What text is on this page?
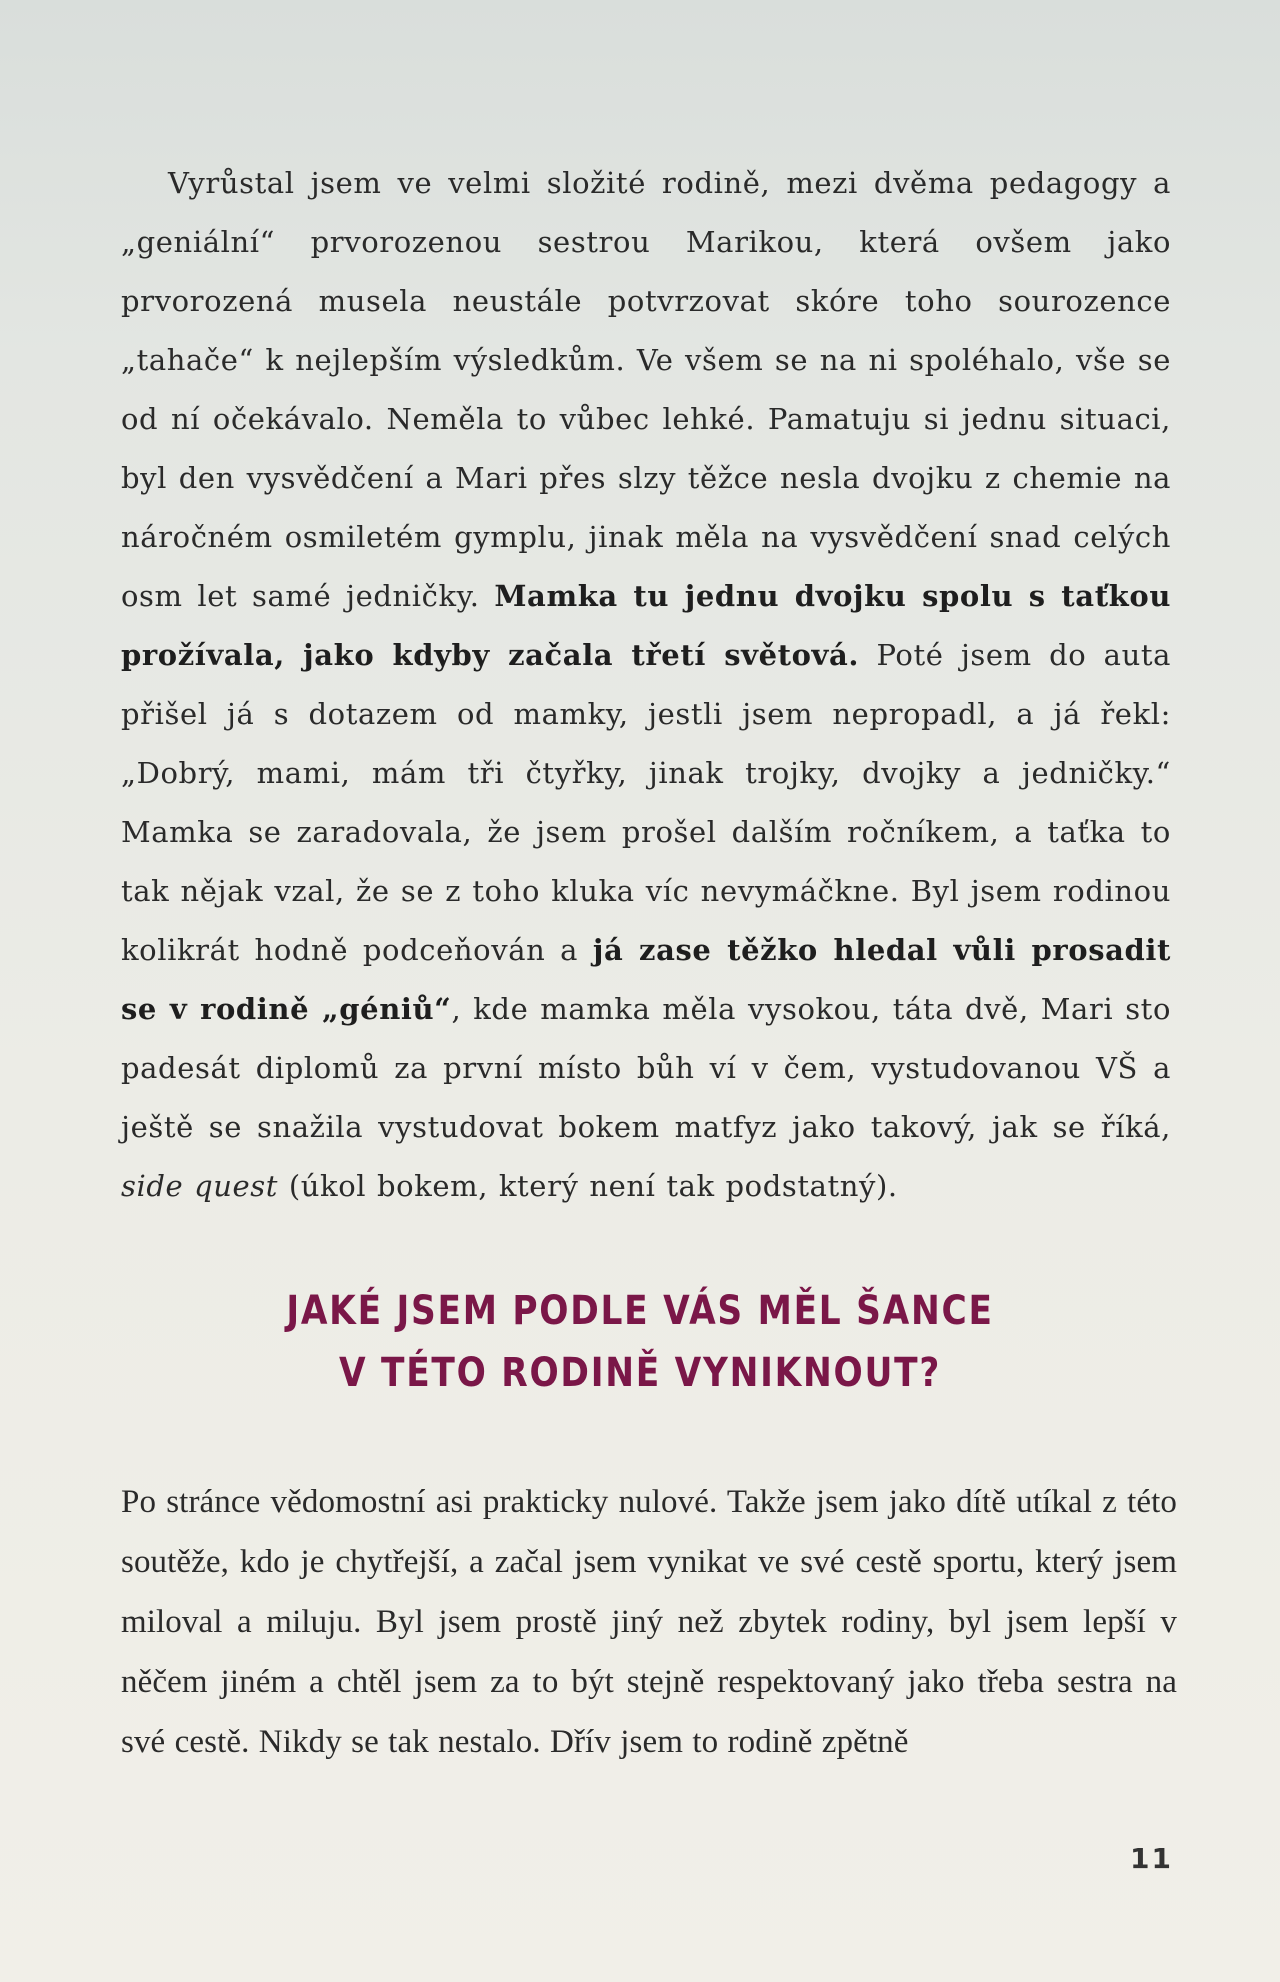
Vyrůstal jsem ve velmi složité rodině, mezi dvěma pedagogy a „geniální“ prvorozenou sestrou Marikou, která ovšem jako prvorozená musela neustále potvrzovat skóre toho sourozence „tahače“ k nejlepším výsledkům. Ve všem se na ni spoléhalo, vše se od ní očekávalo. Neměla to vůbec lehké. Pamatuju si jednu situaci, byl den vysvědčení a Mari přes slzy těžce nesla dvojku z chemie na náročném osmiletém gymplu, jinak měla na vysvědčení snad celých osm let samé jedničky. Mamka tu jednu dvojku spolu s taťkou prožívala, jako kdyby začala třetí světová. Poté jsem do auta přišel já s dotazem od mamky, jestli jsem nepropadl, a já řekl: „Dobrý, mami, mám tři čtyřky, jinak trojky, dvojky a jedničky.“ Mamka se zaradovala, že jsem prošel dalším ročníkem, a taťka to tak nějak vzal, že se z toho kluka víc nevymáčkne. Byl jsem rodinou kolikrát hodně podceňován a já zase těžko hledal vůli prosadit se v rodině „géniů“, kde mamka měla vysokou, táta dvě, Mari sto padesát diplomů za první místo bůh ví v čem, vystudovanou VŠ a ještě se snažila vystudovat bokem matfyz jako takový, jak se říká, side quest (úkol bokem, který není tak podstatný).

JAKÉ JSEM PODLE VÁS MĚL ŠANCE
V TÉTO RODINĚ VYNIKNOUT?

Po stránce vědomostní asi prakticky nulové. Takže jsem jako dítě utíkal z této soutěže, kdo je chytřejší, a začal jsem vynikat ve své cestě sportu, který jsem miloval a miluju. Byl jsem prostě jiný než zbytek rodiny, byl jsem lepší v něčem jiném a chtěl jsem za to být stejně respektovaný jako třeba sestra na své cestě. Nikdy se tak nestalo. Dřív jsem to rodině zpětně

11
